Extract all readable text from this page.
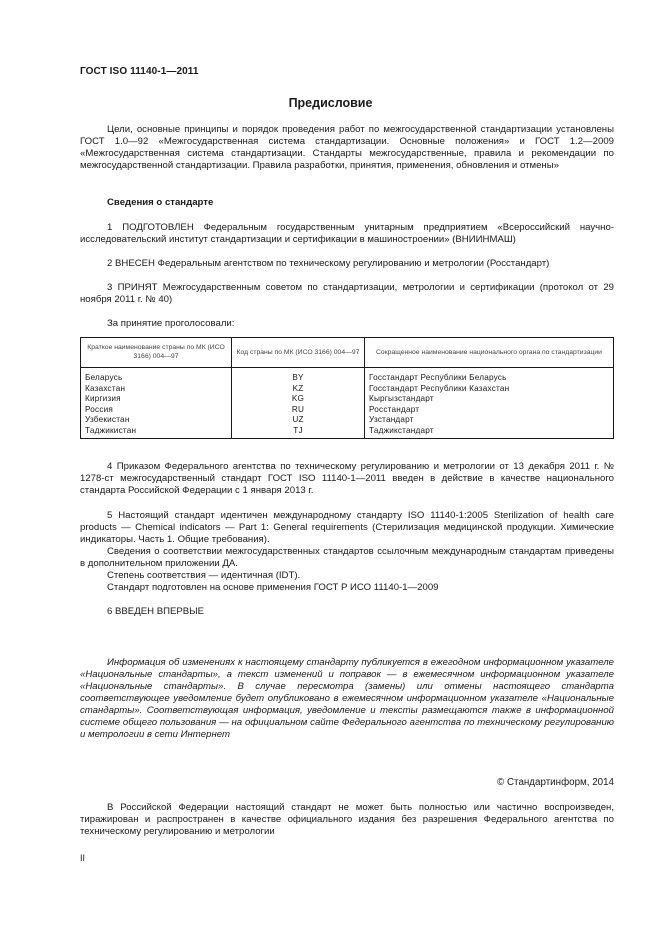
ГОСТ ISO 11140-1—2011
Предисловие

Цели, основные принципы и порядок проведения работ по межгосударственной стандартизации установлены ГОСТ 1.0—92 «Межгосударственная система стандартизации. Основные положения» и ГОСТ 1.2—2009 «Межгосударственная система стандартизации. Стандарты межгосударственные, правила и рекомендации по межгосударственной стандартизации. Правила разработки, принятия, применения, обновления и отмены»

Сведения о стандарте

1 ПОДГОТОВЛЕН Федеральным государственным унитарным предприятием «Всероссийский научно-исследовательский институт стандартизации и сертификации в машиностроении» (ВНИИНМАШ)

2 ВНЕСЕН Федеральным агентством по техническому регулированию и метрологии (Росстандарт)

3 ПРИНЯТ Межгосударственным советом по стандартизации, метрологии и сертификации (протокол от 29 ноября 2011 г. № 40)

За принятие проголосовали:

Краткое наименование страны по МК (ИСО 3166) 004—97	Код страны по МК (ИСО 3166) 004—97	Сокращенное наименование национального органа по стандартизации
Беларусь	BY	Госстандарт Республики Беларусь
Казахстан	KZ	Госстандарт Республики Казахстан
Киргизия	KG	Кыргызстандарт
Россия	RU	Росстандарт
Узбекистан	UZ	Узстандарт
Таджикистан	TJ	Таджикстандарт

4 Приказом Федерального агентства по техническому регулированию и метрологии от 13 декабря 2011 г. № 1278-ст межгосударственный стандарт ГОСТ ISO 11140-1—2011 введен в действие в качестве национального стандарта Российской Федерации с 1 января 2013 г.

5 Настоящий стандарт идентичен международному стандарту ISO 11140-1:2005 Sterilization of health care products — Chemical indicators — Part 1: General requirements (Стерилизация медицинской продукции. Химические индикаторы. Часть 1. Общие требования).

Сведения о соответствии межгосударственных стандартов ссылочным международным стандартам приведены в дополнительном приложении ДА.

Степень соответствия — идентичная (IDT).

Стандарт подготовлен на основе применения ГОСТ Р ИСО 11140-1—2009

6 ВВЕДЕН ВПЕРВЫЕ

Информация об изменениях к настоящему стандарту публикуется в ежегодном информационном указателе «Национальные стандарты», а текст изменений и поправок — в ежемесячном информационном указателе «Национальные стандарты». В случае пересмотра (замены) или отмены настоящего стандарта соответствующее уведомление будет опубликовано в ежемесячном информационном указателе «Национальные стандарты». Соответствующая информация, уведомление и тексты размещаются также в информационной системе общего пользования — на официальном сайте Федерального агентства по техническому регулированию и метрологии в сети Интернет

© Стандартинформ, 2014

В Российской Федерации настоящий стандарт не может быть полностью или частично воспроизведен, тиражирован и распространен в качестве официального издания без разрешения Федерального агентства по техническому регулированию и метрологии

II
